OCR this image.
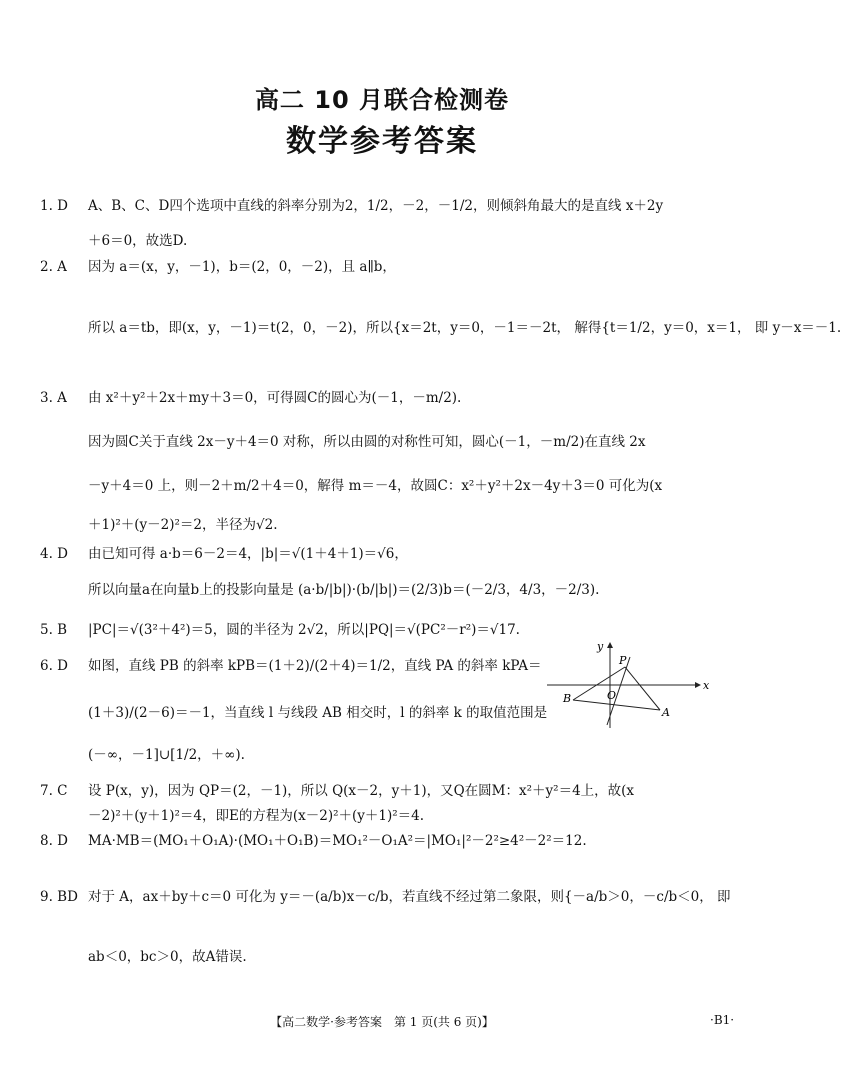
高二 10 月联合检测卷
数学参考答案
1. D A、B、C、D四个选项中直线的斜率分别为2，1/2，－2，－1/2，则倾斜角最大的是直线 x＋2y
＋6＝0，故选D.
2. A 因为 a＝(x，y，－1)，b＝(2，0，－2)，且 a∥b，
所以 a＝tb，即(x，y，－1)＝t(2，0，－2)，所以{x＝2t，y＝0，－1＝－2t， 解得{t＝1/2，y＝0，x＝1， 即 y－x＝－1.
3. A 由 x²＋y²＋2x＋my＋3＝0，可得圆C的圆心为(－1，－m/2).
因为圆C关于直线 2x－y＋4＝0 对称，所以由圆的对称性可知，圆心(－1，－m/2)在直线 2x
－y＋4＝0 上，则－2＋m/2＋4＝0，解得 m＝－4，故圆C：x²＋y²＋2x－4y＋3＝0 可化为(x
＋1)²＋(y－2)²＝2，半径为√2.
4. D 由已知可得 a·b＝6－2＝4，|b|＝√(1＋4＋1)＝√6，
所以向量a在向量b上的投影向量是 (a·b/|b|)·(b/|b|)＝(2/3)b＝(－2/3，4/3，－2/3).
5. B |PC|＝√(3²＋4²)＝5，圆的半径为 2√2，所以|PQ|＝√(PC²－r²)＝√17.
6. D 如图，直线 PB 的斜率 kPB＝(1＋2)/(2＋4)＝1/2，直线 PA 的斜率 kPA＝
(1＋3)/(2－6)＝－1，当直线 l 与线段 AB 相交时，l 的斜率 k 的取值范围是
(－∞，－1]∪[1/2，＋∞).
7. C 设 P(x，y)，因为 QP＝(2，－1)，所以 Q(x－2，y＋1)，又Q在圆M：x²＋y²＝4上，故(x
－2)²＋(y＋1)²＝4，即E的方程为(x－2)²＋(y＋1)²＝4.
8. D MA·MB＝(MO₁＋O₁A)·(MO₁＋O₁B)＝MO₁²－O₁A²＝|MO₁|²－2²≥4²－2²＝12.
9. BD 对于 A，ax＋by＋c＝0 可化为 y＝－(a/b)x－c/b，若直线不经过第二象限，则{－a/b＞0，－c/b＜0， 即
ab＜0，bc＞0，故A错误.
x
y
P
O
B
A
【高二数学·参考答案　第 1 页(共 6 页)】	·B1·
